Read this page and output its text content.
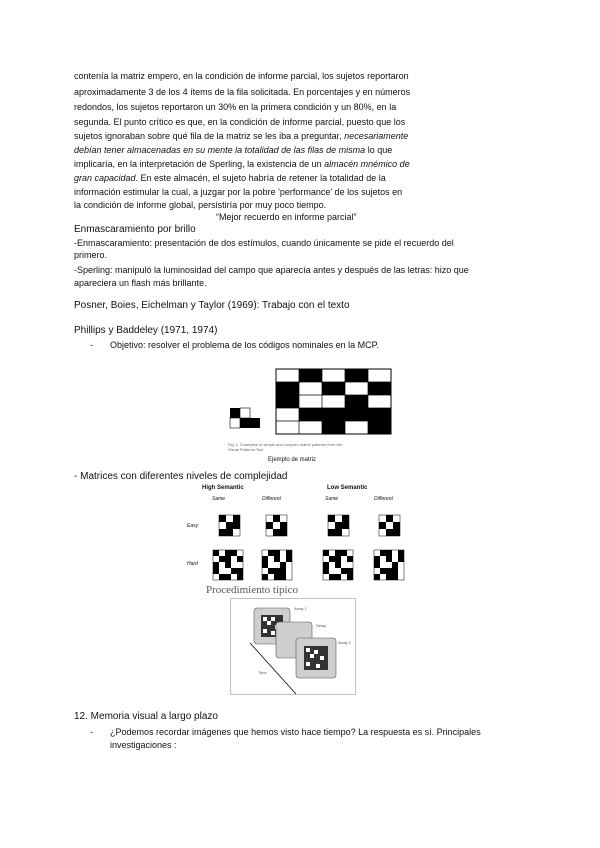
contenía la matriz empero, en la condición de informe parcial, los sujetos reportaron
aproximadamente 3 de los 4 ítems de la fila solicitada. En porcentajes y en números
redondos, los sujetos reportaron un 30% en la primera condición y un 80%, en la
segunda. El punto crítico es que, en la condición de informe parcial, puesto que los
sujetos ignoraban sobre qué fila de la matriz se les iba a preguntar, necesariamente
debían tener almacenadas en su mente la totalidad de las filas de misma lo que
implicaría, en la interpretación de Sperling, la existencia de un almacén mnémico de
gran capacidad. En este almacén, el sujeto habría de retener la totalidad de la
información estimular la cual, a juzgar por la pobre 'performance' de los sujetos en
la condición de informe global, persistiría por muy poco tiempo.
“Mejor recuerdo en informe parcial”
Enmascaramiento por brillo
-Enmascaramiento: presentación de dos estímulos, cuando únicamente se pide el recuerdo del
primero.
-Sperling: manipuló la luminosidad del campo que aparecía antes y después de las letras: hizo que
apareciera un flash más brillante.
Posner, Boies, Eichelman y Taylor (1969): Trabajo con el texto
Phillips y Baddeley (1971, 1974)
- Objetivo: resolver el problema de los códigos nominales en la MCP.
Fig. 1. Examples of simple and complex matrix patterns from the
Visual Patterns Test
Ejemplo de matriz
- Matrices con diferentes niveles de complejidad
High Semantic	Low Semantic
Same	Different	Same	Different
Easy
Hard
Procedimiento típico
Array 1
Delay
Array 2
Time
12. Memoria visual a largo plazo
- ¿Podemos recordar imágenes que hemos visto hace tiempo? La respuesta es sí. Principales
investigaciones :
